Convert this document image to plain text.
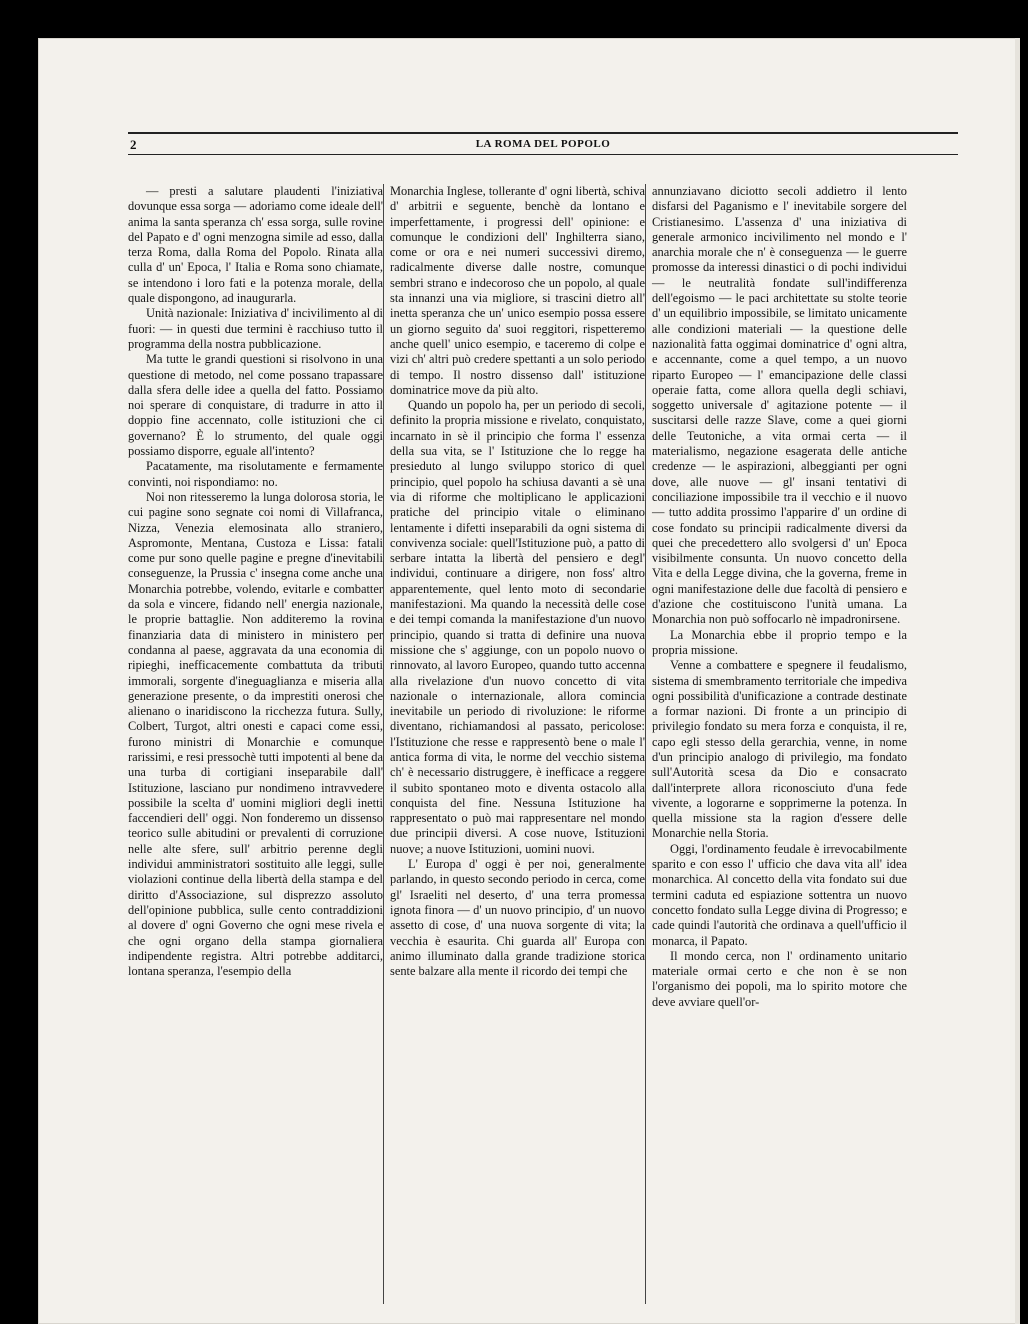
2	LA ROMA DEL POPOLO

— presti a salutare plaudenti l'iniziativa dovunque essa sorga — adoriamo come ideale dell' anima la santa speranza ch' essa sorga, sulle rovine del Papato e d' ogni menzogna simile ad esso, dalla terza Roma, dalla Roma del Popolo. Rinata alla culla d' un' Epoca, l' Italia e Roma sono chiamate, se intendono i loro fati e la potenza morale, della quale dispongono, ad inaugurarla.

Unità nazionale: Iniziativa d' incivilimento al di fuori: — in questi due termini è racchiuso tutto il programma della nostra pubblicazione.

Ma tutte le grandi questioni si risolvono in una questione di metodo, nel come possano trapassare dalla sfera delle idee a quella del fatto. Possiamo noi sperare di conquistare, di tradurre in atto il doppio fine accennato, colle istituzioni che ci governano? È lo strumento, del quale oggi possiamo disporre, eguale all'intento?

Pacatamente, ma risolutamente e fermamente convinti, noi rispondiamo: no.

Noi non ritesseremo la lunga dolorosa storia, le cui pagine sono segnate coi nomi di Villafranca, Nizza, Venezia elemosinata allo straniero, Aspromonte, Mentana, Custoza e Lissa: fatali come pur sono quelle pagine e pregne d'inevitabili conseguenze, la Prussia c' insegna come anche una Monarchia potrebbe, volendo, evitarle e combatter da sola e vincere, fidando nell' energia nazionale, le proprie battaglie. Non additeremo la rovina finanziaria data di ministero in ministero per condanna al paese, aggravata da una economia di ripieghi, inefficacemente combattuta da tributi immorali, sorgente d'ineguaglianza e miseria alla generazione presente, o da imprestiti onerosi che alienano o inaridiscono la ricchezza futura. Sully, Colbert, Turgot, altri onesti e capaci come essi, furono ministri di Monarchie e comunque rarissimi, e resi pressochè tutti impotenti al bene da una turba di cortigiani inseparabile dall' Istituzione, lasciano pur nondimeno intravvedere possibile la scelta d' uomini migliori degli inetti faccendieri dell' oggi. Non fonderemo un dissenso teorico sulle abitudini or prevalenti di corruzione nelle alte sfere, sull' arbitrio perenne degli individui amministratori sostituito alle leggi, sulle violazioni continue della libertà della stampa e del diritto d'Associazione, sul disprezzo assoluto dell'opinione pubblica, sulle cento contraddizioni al dovere d' ogni Governo che ogni mese rivela e che ogni organo della stampa giornaliera indipendente registra. Altri potrebbe additarci, lontana speranza, l'esempio della

Monarchia Inglese, tollerante d' ogni libertà, schiva d' arbitrii e seguente, benchè da lontano e imperfettamente, i progressi dell' opinione: e comunque le condizioni dell' Inghilterra siano, come or ora e nei numeri successivi diremo, radicalmente diverse dalle nostre, comunque sembri strano e indecoroso che un popolo, al quale sta innanzi una via migliore, si trascini dietro all' inetta speranza che un' unico esempio possa essere un giorno seguito da' suoi reggitori, rispetteremo anche quell' unico esempio, e taceremo di colpe e vizi ch' altri può credere spettanti a un solo periodo di tempo. Il nostro dissenso dall' istituzione dominatrice move da più alto.

Quando un popolo ha, per un periodo di secoli, definito la propria missione e rivelato, conquistato, incarnato in sè il principio che forma l' essenza della sua vita, se l' Istituzione che lo regge ha presieduto al lungo sviluppo storico di quel principio, quel popolo ha schiusa davanti a sè una via di riforme che moltiplicano le applicazioni pratiche del principio vitale o eliminano lentamente i difetti inseparabili da ogni sistema di convivenza sociale: quell'Istituzione può, a patto di serbare intatta la libertà del pensiero e degl' individui, continuare a dirigere, non foss' altro apparentemente, quel lento moto di secondarie manifestazioni. Ma quando la necessità delle cose e dei tempi comanda la manifestazione d'un nuovo principio, quando si tratta di definire una nuova missione che s' aggiunge, con un popolo nuovo o rinnovato, al lavoro Europeo, quando tutto accenna alla rivelazione d'un nuovo concetto di vita nazionale o internazionale, allora comincia inevitabile un periodo di rivoluzione: le riforme diventano, richiamandosi al passato, pericolose: l'Istituzione che resse e rappresentò bene o male l' antica forma di vita, le norme del vecchio sistema ch' è necessario distruggere, è inefficace a reggere il subito spontaneo moto e diventa ostacolo alla conquista del fine. Nessuna Istituzione ha rappresentato o può mai rappresentare nel mondo due principii diversi. A cose nuove, Istituzioni nuove; a nuove Istituzioni, uomini nuovi.

L' Europa d' oggi è per noi, generalmente parlando, in questo secondo periodo in cerca, come gl' Israeliti nel deserto, d' una terra promessa ignota finora — d' un nuovo principio, d' un nuovo assetto di cose, d' una nuova sorgente di vita; la vecchia è esaurita. Chi guarda all' Europa con animo illuminato dalla grande tradizione storica sente balzare alla mente il ricordo dei tempi che

annunziavano diciotto secoli addietro il lento disfarsi del Paganismo e l' inevitabile sorgere del Cristianesimo. L'assenza d' una iniziativa di generale armonico incivilimento nel mondo e l' anarchia morale che n' è conseguenza — le guerre promosse da interessi dinastici o di pochi individui — le neutralità fondate sull'indifferenza dell'egoismo — le paci architettate su stolte teorie d' un equilibrio impossibile, se limitato unicamente alle condizioni materiali — la questione delle nazionalità fatta oggimai dominatrice d' ogni altra, e accennante, come a quel tempo, a un nuovo riparto Europeo — l' emancipazione delle classi operaie fatta, come allora quella degli schiavi, soggetto universale d' agitazione potente — il suscitarsi delle razze Slave, come a quei giorni delle Teutoniche, a vita ormai certa — il materialismo, negazione esagerata delle antiche credenze — le aspirazioni, albeggianti per ogni dove, alle nuove — gl' insani tentativi di conciliazione impossibile tra il vecchio e il nuovo — tutto addita prossimo l'apparire d' un ordine di cose fondato su principii radicalmente diversi da quei che precedettero allo svolgersi d' un' Epoca visibilmente consunta. Un nuovo concetto della Vita e della Legge divina, che la governa, freme in ogni manifestazione delle due facoltà di pensiero e d'azione che costituiscono l'unità umana. La Monarchia non può soffocarlo nè impadronirsene.

La Monarchia ebbe il proprio tempo e la propria missione.

Venne a combattere e spegnere il feudalismo, sistema di smembramento territoriale che impediva ogni possibilità d'unificazione a contrade destinate a formar nazioni. Di fronte a un principio di privilegio fondato su mera forza e conquista, il re, capo egli stesso della gerarchia, venne, in nome d'un principio analogo di privilegio, ma fondato sull'Autorità scesa da Dio e consacrato dall'interprete allora riconosciuto d'una fede vivente, a logorarne e sopprimerne la potenza. In quella missione sta la ragion d'essere delle Monarchie nella Storia.

Oggi, l'ordinamento feudale è irrevocabilmente sparito e con esso l' ufficio che dava vita all' idea monarchica. Al concetto della vita fondato sui due termini caduta ed espiazione sottentra un nuovo concetto fondato sulla Legge divina di Progresso; e cade quindi l'autorità che ordinava a quell'ufficio il monarca, il Papato.

Il mondo cerca, non l' ordinamento unitario materiale ormai certo e che non è se non l'organismo dei popoli, ma lo spirito motore che deve avviare quell'or-
